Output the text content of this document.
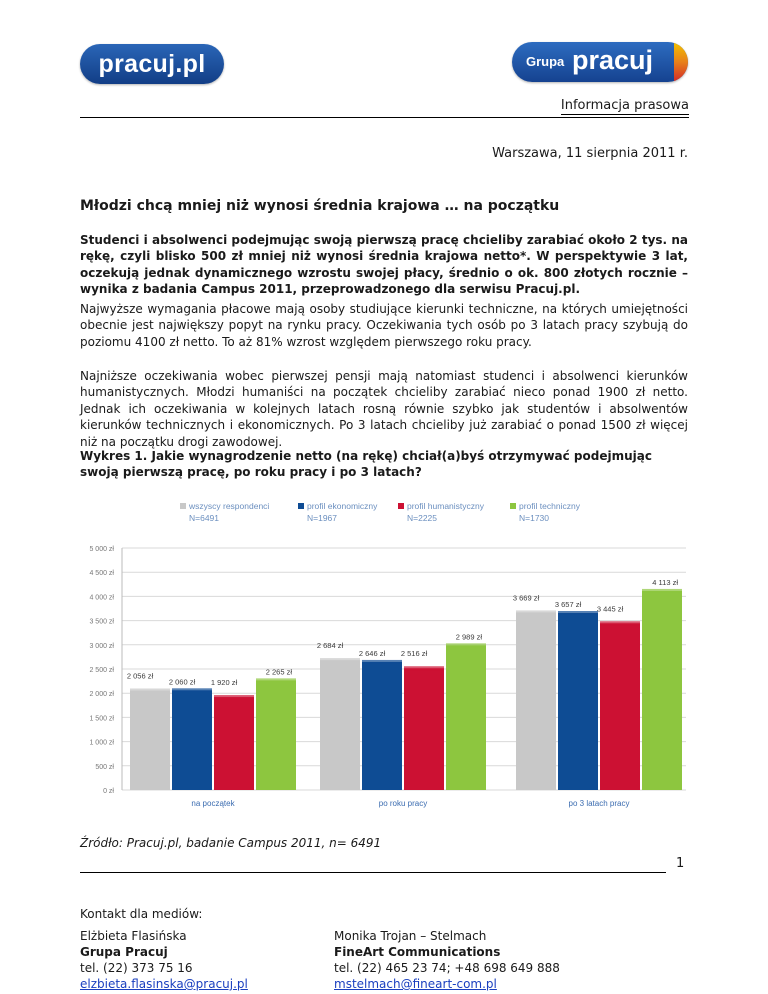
pracuj.pl	Grupa pracuj
Informacja prasowa
Warszawa, 11 sierpnia 2011 r.
Młodzi chcą mniej niż wynosi średnia krajowa … na początku
Studenci i absolwenci podejmując swoją pierwszą pracę chcieliby zarabiać około 2 tys. na rękę, czyli blisko 500 zł mniej niż wynosi średnia krajowa netto*. W perspektywie 3 lat, oczekują jednak dynamicznego wzrostu swojej płacy, średnio o ok. 800 złotych rocznie – wynika z badania Campus 2011, przeprowadzonego dla serwisu Pracuj.pl.
Najwyższe wymagania płacowe mają osoby studiujące kierunki techniczne, na których umiejętności obecnie jest największy popyt na rynku pracy. Oczekiwania tych osób po 3 latach pracy szybują do poziomu 4100 zł netto. To aż 81% wzrost względem pierwszego roku pracy.
Najniższe oczekiwania wobec pierwszej pensji mają natomiast studenci i absolwenci kierunków humanistycznych. Młodzi humaniści na początek chcieliby zarabiać nieco ponad 1900 zł netto. Jednak ich oczekiwania w kolejnych latach rosną równie szybko jak studentów i absolwentów kierunków technicznych i ekonomicznych. Po 3 latach chcieliby już zarabiać o ponad 1500 zł więcej niż na początku drogi zawodowej.
Wykres 1. Jakie wynagrodzenie netto (na rękę) chciał(a)byś otrzymywać podejmując swoją pierwszą pracę, po roku pracy i po 3 latach?
0 zł
500 zł
1 000 zł
1 500 zł
2 000 zł
2 500 zł
3 000 zł
3 500 zł
4 000 zł
4 500 zł
5 000 zł
wszyscy respondenci
N=6491
profil ekonomiczny
N=1967
profil humanistyczny
N=2225
profil techniczny
N=1730
2 056 zł
2 060 zł 1 920 zł
2 265 zł
na początek
2 684 zł
2 646 zł 2 516 zł
2 989 zł
po roku pracy
3 669 zł
3 657 zł 3 445 zł
4 113 zł
po 3 latach pracy
Źródło: Pracuj.pl, badanie Campus 2011, n= 6491
1
Kontakt dla mediów:
Elżbieta Flasińska
Grupa Pracuj
tel. (22) 373 75 16
elzbieta.flasinska@pracuj.pl
Monika Trojan – Stelmach
FineArt Communications
tel. (22) 465 23 74; +48 698 649 888
mstelmach@fineart-com.pl
